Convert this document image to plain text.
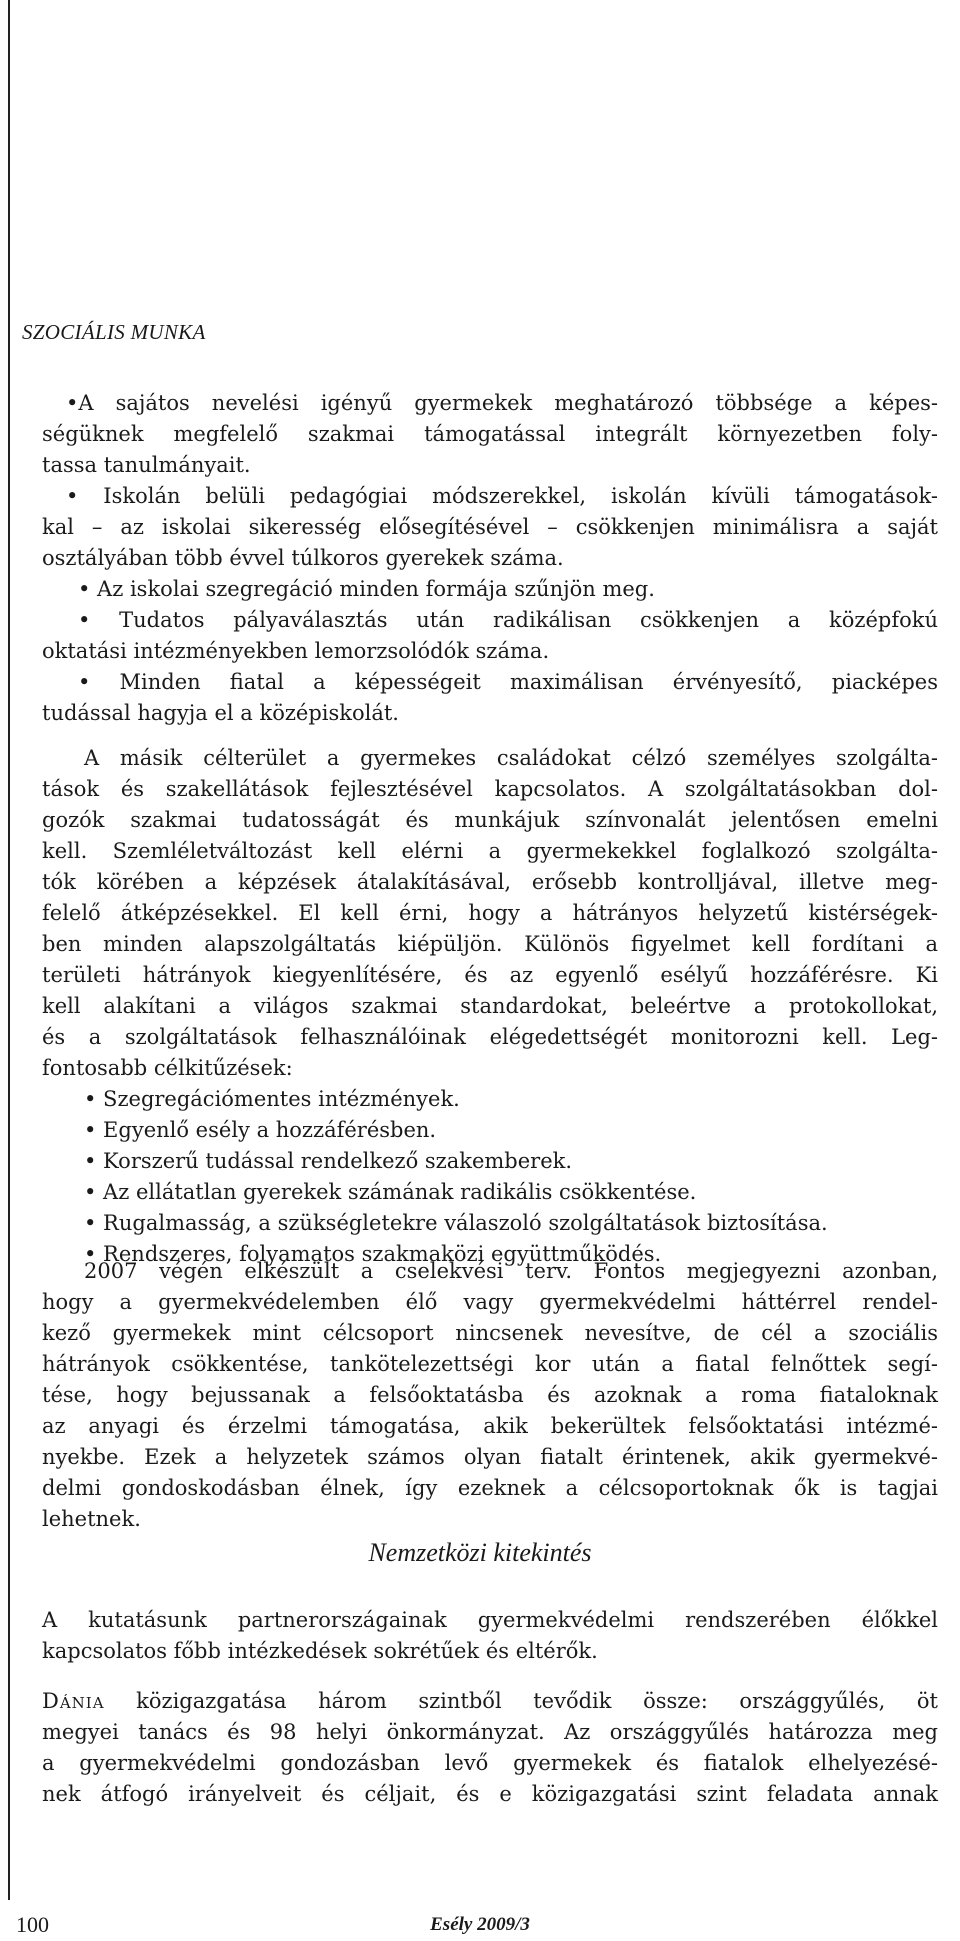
SZOCIÁLIS MUNKA
•A sajátos nevelési igényű gyermekek meghatározó többsége a képes-
ségüknek megfelelő szakmai támogatással integrált környezetben foly-
tassa tanulmányait.
• Iskolán belüli pedagógiai módszerekkel, iskolán kívüli támogatások-
kal – az iskolai sikeresség elősegítésével – csökkenjen minimálisra a saját
osztályában több évvel túlkoros gyerekek száma.
• Az iskolai szegregáció minden formája szűnjön meg.
• Tudatos pályaválasztás után radikálisan csökkenjen a középfokú
oktatási intézményekben lemorzsolódók száma.
• Minden fiatal a képességeit maximálisan érvényesítő, piacképes
tudással hagyja el a középiskolát.
A másik célterület a gyermekes családokat célzó személyes szolgálta-
tások és szakellátások fejlesztésével kapcsolatos. A szolgáltatásokban dol-
gozók szakmai tudatosságát és munkájuk színvonalát jelentősen emelni
kell. Szemléletváltozást kell elérni a gyermekekkel foglalkozó szolgálta-
tók körében a képzések átalakításával, erősebb kontrolljával, illetve meg-
felelő átképzésekkel. El kell érni, hogy a hátrányos helyzetű kistérségek-
ben minden alapszolgáltatás kiépüljön. Különös figyelmet kell fordítani a
területi hátrányok kiegyenlítésére, és az egyenlő esélyű hozzáférésre. Ki
kell alakítani a világos szakmai standardokat, beleértve a protokollokat,
és a szolgáltatások felhasználóinak elégedettségét monitorozni kell. Leg-
fontosabb célkitűzések:
• Szegregációmentes intézmények.
• Egyenlő esély a hozzáférésben.
• Korszerű tudással rendelkező szakemberek.
• Az ellátatlan gyerekek számának radikális csökkentése.
• Rugalmasság, a szükségletekre válaszoló szolgáltatások biztosítása.
• Rendszeres, folyamatos szakmaközi együttműködés.
2007 végén elkészült a cselekvési terv. Fontos megjegyezni azonban,
hogy a gyermekvédelemben élő vagy gyermekvédelmi háttérrel rendel-
kező gyermekek mint célcsoport nincsenek nevesítve, de cél a szociális
hátrányok csökkentése, tankötelezettségi kor után a fiatal felnőttek segí-
tése, hogy bejussanak a felsőoktatásba és azoknak a roma fiataloknak
az anyagi és érzelmi támogatása, akik bekerültek felsőoktatási intézmé-
nyekbe. Ezek a helyzetek számos olyan fiatalt érintenek, akik gyermekvé-
delmi gondoskodásban élnek, így ezeknek a célcsoportoknak ők is tagjai
lehetnek.
Nemzetközi kitekintés
A kutatásunk partnerországainak gyermekvédelmi rendszerében élőkkel
kapcsolatos főbb intézkedések sokrétűek és eltérők.
Dánia közigazgatása három szintből tevődik össze: országgyűlés, öt
megyei tanács és 98 helyi önkormányzat. Az országgyűlés határozza meg
a gyermekvédelmi gondozásban levő gyermekek és fiatalok elhelyezésé-
nek átfogó irányelveit és céljait, és e közigazgatási szint feladata annak
100	Esély 2009/3
